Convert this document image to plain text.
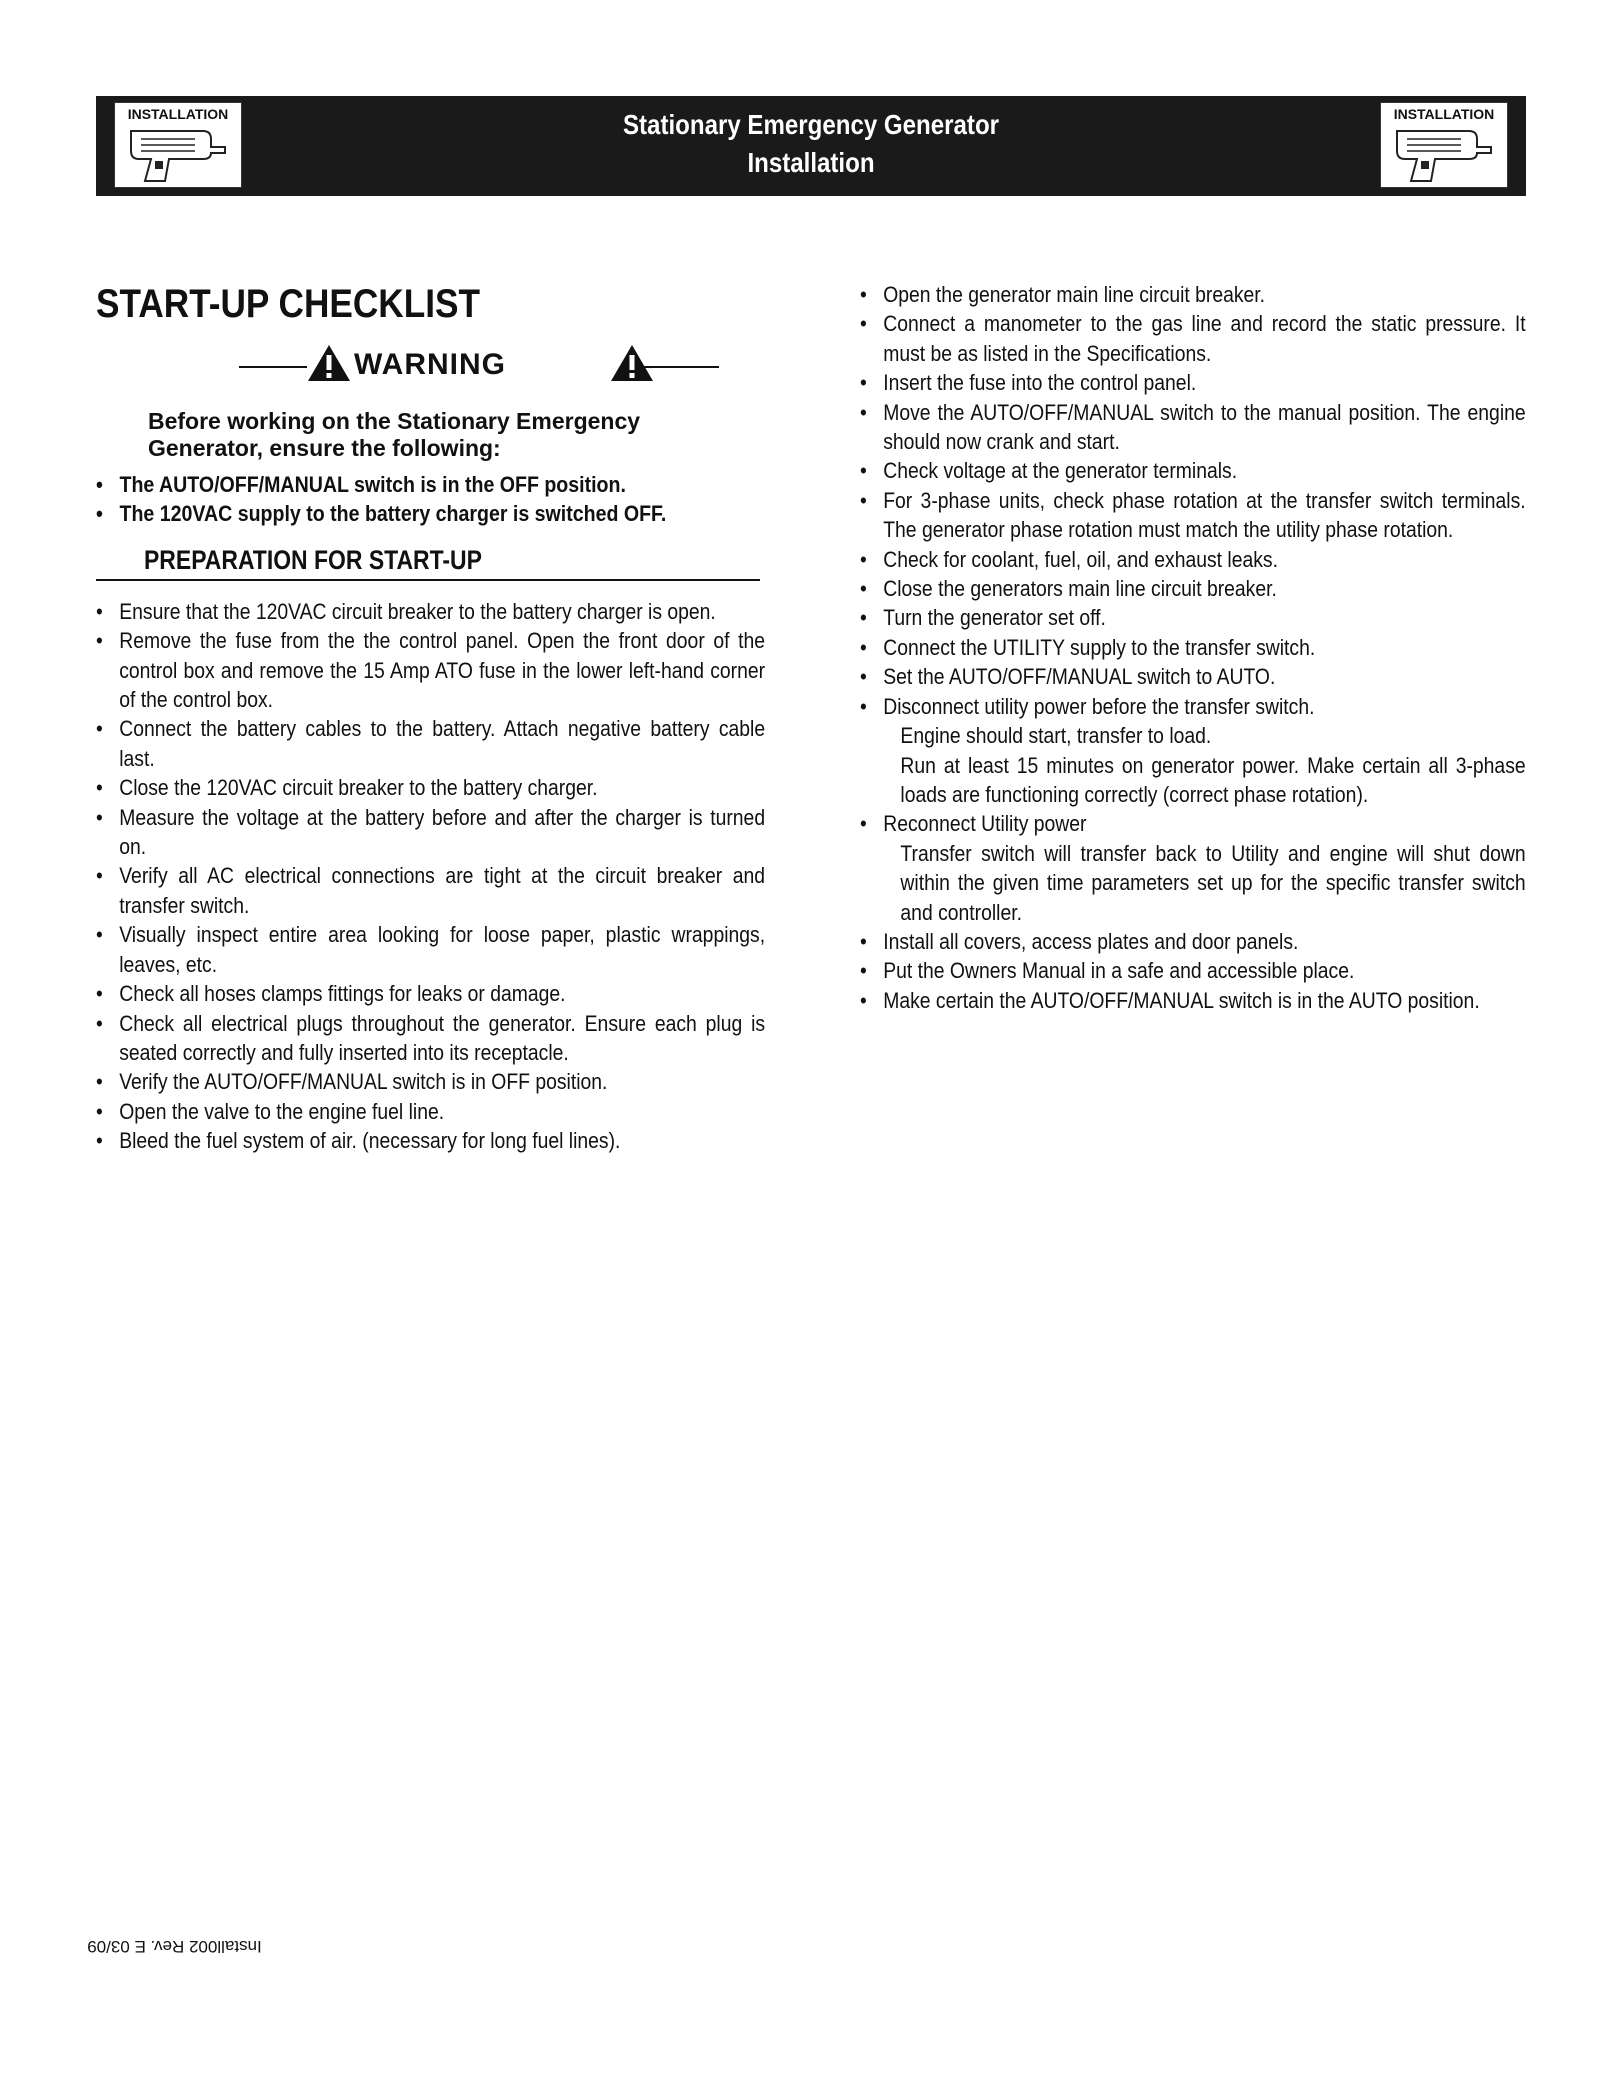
INSTALLATION	Stationary Emergency Generator
Installation
INSTALLATION
START-UP CHECKLIST
WARNING
Before working on the Stationary Emergency Generator, ensure the following:
• The AUTO/OFF/MANUAL switch is in the OFF position.
• The 120VAC supply to the battery charger is switched OFF.
PREPARATION FOR START-UP
• Ensure that the 120VAC circuit breaker to the battery charger is open.
• Remove the fuse from the the control panel. Open the front door of the control box and remove the 15 Amp ATO fuse in the lower left-hand corner of the control box.
• Connect the battery cables to the battery. Attach negative battery cable last.
• Close the 120VAC circuit breaker to the battery charger.
• Measure the voltage at the battery before and after the charger is turned on.
• Verify all AC electrical connections are tight at the circuit breaker and transfer switch.
• Visually inspect entire area looking for loose paper, plastic wrappings, leaves, etc.
• Check all hoses clamps fittings for leaks or damage.
• Check all electrical plugs throughout the generator. Ensure each plug is seated correctly and fully inserted into its receptacle.
• Verify the AUTO/OFF/MANUAL switch is in OFF position.
• Open the valve to the engine fuel line.
• Bleed the fuel system of air. (necessary for long fuel lines).
• Open the generator main line circuit breaker.
• Connect a manometer to the gas line and record the static pressure. It must be as listed in the Specifications.
• Insert the fuse into the control panel.
• Move the AUTO/OFF/MANUAL switch to the manual position. The engine should now crank and start.
• Check voltage at the generator terminals.
• For 3-phase units, check phase rotation at the transfer switch terminals. The generator phase rotation must match the utility phase rotation.
• Check for coolant, fuel, oil, and exhaust leaks.
• Close the generators main line circuit breaker.
• Turn the generator set off.
• Connect the UTILITY supply to the transfer switch.
• Set the AUTO/OFF/MANUAL switch to AUTO.
• Disconnect utility power before the transfer switch.
Engine should start, transfer to load.
Run at least 15 minutes on generator power. Make certain all 3-phase loads are functioning correctly (correct phase rotation).
• Reconnect Utility power
Transfer switch will transfer back to Utility and engine will shut down within the given time parameters set up for the specific transfer switch and controller.
• Install all covers, access plates and door panels.
• Put the Owners Manual in a safe and accessible place.
• Make certain the AUTO/OFF/MANUAL switch is in the AUTO position.
Install002 Rev. E 03/09
